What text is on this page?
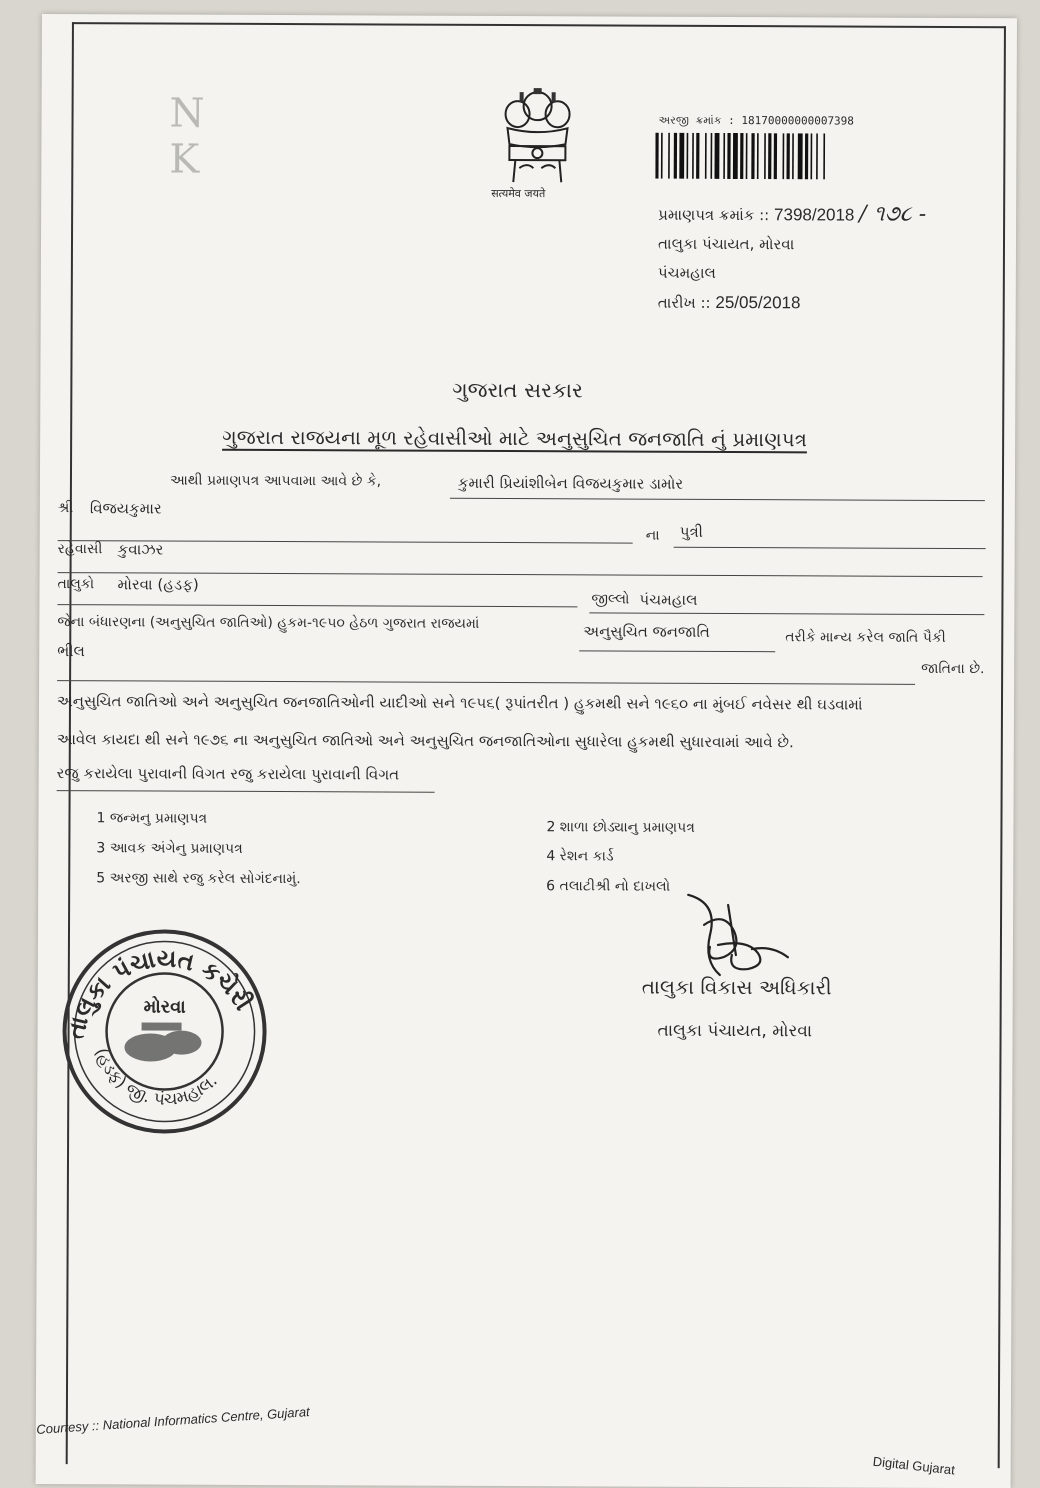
N
K
सत्यमेव जयते
અરજી ક્રમાંક : 18170000000007398
પ્રમાણપત્ર ક્રમાંક :: 7398/2018 / ૧૭૮ -
તાલુકા પંચાયત, મોરવા
પંચમહાલ
તારીખ :: 25/05/2018
ગુજરાત સરકાર
ગુજરાત રાજયના મૂળ રહેવાસીઓ માટે અનુસુચિત જનજાતિ નું પ્રમાણપત્ર
આથી પ્રમાણપત્ર આપવામા આવે છે કે,	કુમારી પ્રિયાંશીબેન વિજયકુમાર ડામોર
શ્રી વિજયકુમાર
ના પુત્રી
રહેવાસી કુવાઝર
તાલુકો મોરવા (હડફ)
જીલ્લો પંચમહાલ
જેના બંધારણના (અનુસુચિત જાતિઓ) હુકમ-૧૯૫૦ હેઠળ ગુજરાત રાજયમાં	અનુસુચિત જનજાતિ	તરીકે માન્ય કરેલ જાતિ પૈકી
ભીલ
જાતિના છે.
અનુસુચિત જાતિઓ અને અનુસુચિત જનજાતિઓની યાદીઓ સને ૧૯૫૬( રૂપાંતરીત ) હુકમથી સને ૧૯૬૦ ના મુંબઈ નવેસર થી ઘડવામાં
આવેલ કાયદા થી સને ૧૯૭૬ ના અનુસુચિત જાતિઓ અને અનુસુચિત જનજાતિઓના સુધારેલા હુકમથી સુધારવામાં આવે છે.
રજુ કરાયેલા પુરાવાની વિગત રજુ કરાયેલા પુરાવાની વિગત
1 જન્મનુ પ્રમાણપત્ર
2 શાળા છોડ્યાનુ પ્રમાણપત્ર
3 આવક અંગેનુ પ્રમાણપત્ર	4 રેશન કાર્ડ
5 અરજી સાથે રજુ કરેલ સોગંદનામું.	6 તલાટીશ્રી નો દાખલો
તાલુકા પંચાયત કચેરી
મોરવા
(હડફ) જી. પંચમહાલ.
તાલુકા વિકાસ અધિકારી
તાલુકા પંચાયત, મોરવા
Courtesy :: National Informatics Centre, Gujarat
Digital Gujarat
